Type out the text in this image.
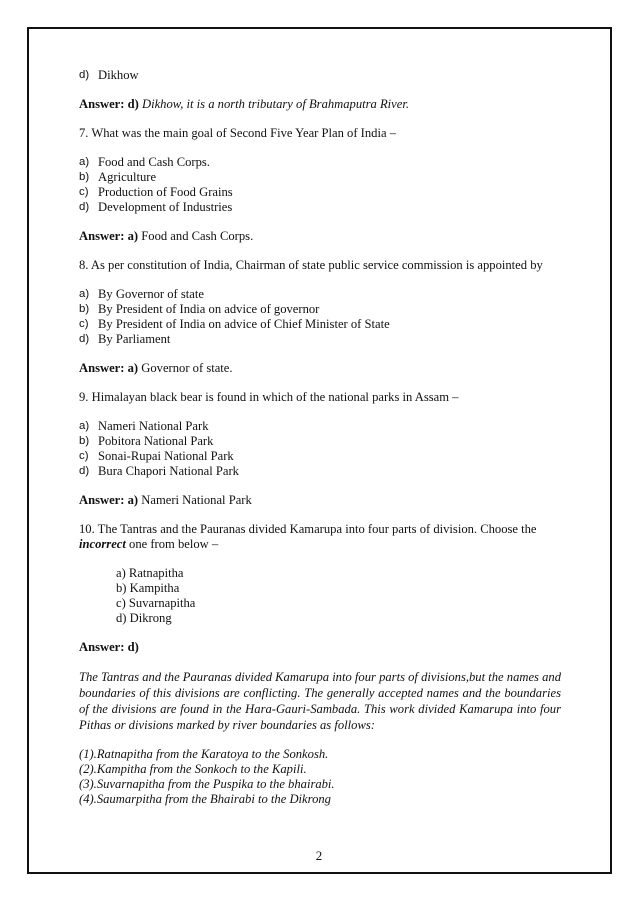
d) Dikhow
Answer: d) Dikhow, it is a north tributary of Brahmaputra River.
7. What was the main goal of Second Five Year Plan of India –
a) Food and Cash Corps.
b) Agriculture
c) Production of Food Grains
d) Development of Industries
Answer: a) Food and Cash Corps.
8. As per constitution of India, Chairman of state public service commission is appointed by
a) By Governor of state
b) By President of India on advice of governor
c) By President of India on advice of Chief Minister of State
d) By Parliament
Answer: a) Governor of state.
9. Himalayan black bear is found in which of the national parks in Assam –
a) Nameri National Park
b) Pobitora National Park
c) Sonai-Rupai National Park
d) Bura Chapori National Park
Answer: a) Nameri National Park
10. The Tantras and the Pauranas divided Kamarupa into four parts of division. Choose the incorrect one from below –
a) Ratnapitha
b) Kampitha
c) Suvarnapitha
d) Dikrong
Answer: d)
The Tantras and the Pauranas divided Kamarupa into four parts of divisions,but the names and boundaries of this divisions are conflicting. The generally accepted names and the boundaries of the divisions are found in the Hara-Gauri-Sambada. This work divided Kamarupa into four Pithas or divisions marked by river boundaries as follows:
(1).Ratnapitha from the Karatoya to the Sonkosh.
(2).Kampitha from the Sonkoch to the Kapili.
(3).Suvarnapitha from the Puspika to the bhairabi.
(4).Saumarpitha from the Bhairabi to the Dikrong
2
